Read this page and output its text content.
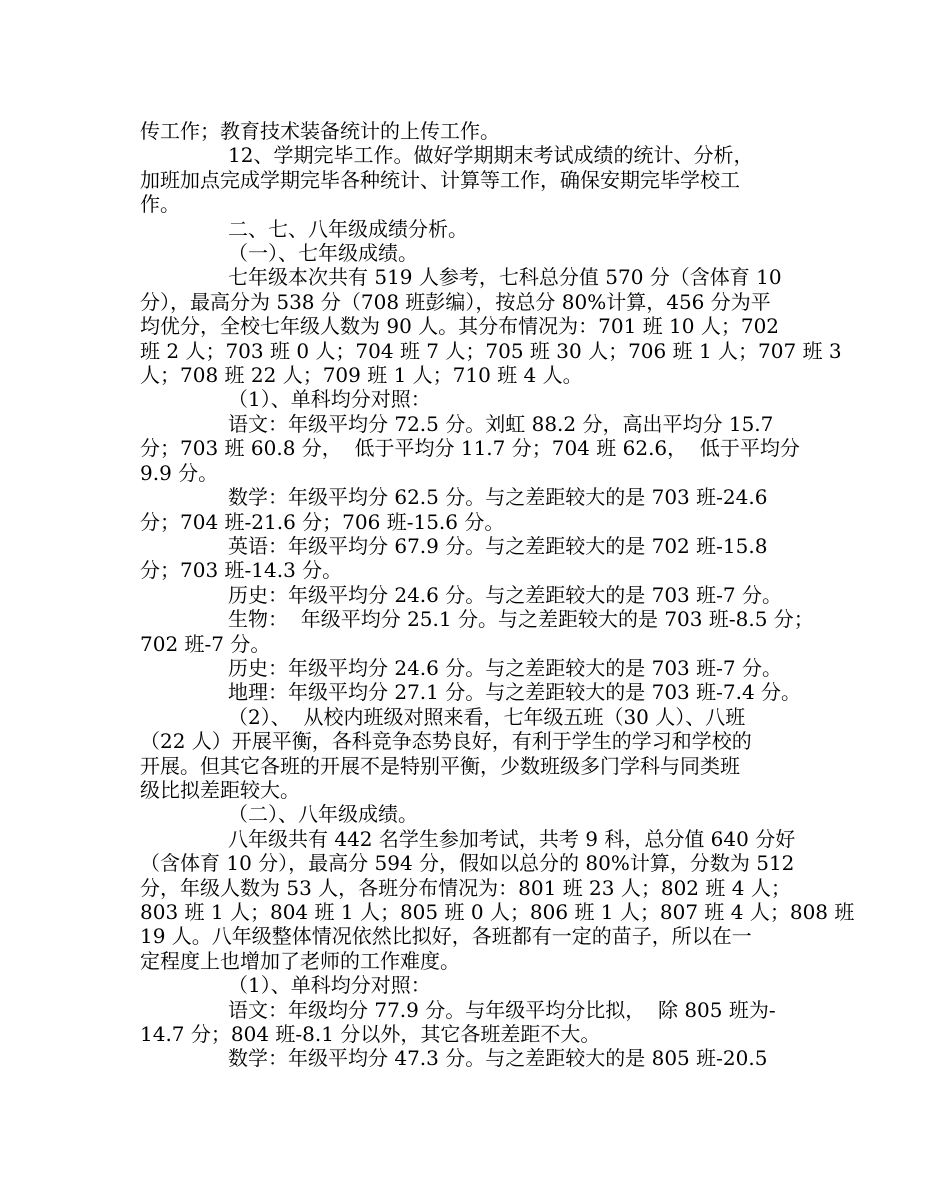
传工作；教育技术装备统计的上传工作。
12、学期完毕工作。做好学期期末考试成绩的统计、分析，
加班加点完成学期完毕各种统计、计算等工作，确保安期完毕学校工
作。
二、七、八年级成绩分析。
（一）、七年级成绩。
七年级本次共有 519 人参考，七科总分值 570 分（含体育 10
分），最高分为 538 分（708 班彭编），按总分 80%计算，456 分为平
均优分，全校七年级人数为 90 人。其分布情况为：701 班 10 人；702
班 2 人；703 班 0 人；704 班 7 人；705 班 30 人；706 班 1 人；707 班 3
人；708 班 22 人；709 班 1 人；710 班 4 人。
（1）、单科均分对照：
语文：年级平均分 72.5 分。刘虹 88.2 分，高出平均分 15.7
分；703 班 60.8 分，  低于平均分 11.7 分；704 班 62.6，  低于平均分
9.9 分。
数学：年级平均分 62.5 分。与之差距较大的是 703 班-24.6
分；704 班-21.6 分；706 班-15.6 分。
英语：年级平均分 67.9 分。与之差距较大的是 702 班-15.8
分；703 班-14.3 分。
历史：年级平均分 24.6 分。与之差距较大的是 703 班-7 分。
生物：  年级平均分 25.1 分。与之差距较大的是 703 班-8.5 分；
702 班-7 分。
历史：年级平均分 24.6 分。与之差距较大的是 703 班-7 分。
地理：年级平均分 27.1 分。与之差距较大的是 703 班-7.4 分。
（2）、  从校内班级对照来看，七年级五班（30 人）、八班
（22 人）开展平衡，各科竞争态势良好，有利于学生的学习和学校的
开展。但其它各班的开展不是特别平衡，少数班级多门学科与同类班
级比拟差距较大。
（二）、八年级成绩。
八年级共有 442 名学生参加考试，共考 9 科，总分值 640 分好
（含体育 10 分），最高分 594 分，假如以总分的 80%计算，分数为 512
分，年级人数为 53 人，各班分布情况为：801 班 23 人；802 班 4 人；
803 班 1 人；804 班 1 人；805 班 0 人；806 班 1 人；807 班 4 人；808 班
19 人。八年级整体情况依然比拟好，各班都有一定的苗子，所以在一
定程度上也增加了老师的工作难度。
（1）、单科均分对照：
语文：年级均分 77.9 分。与年级平均分比拟，  除 805 班为-
14.7 分；804 班-8.1 分以外，其它各班差距不大。
数学：年级平均分 47.3 分。与之差距较大的是 805 班-20.5
